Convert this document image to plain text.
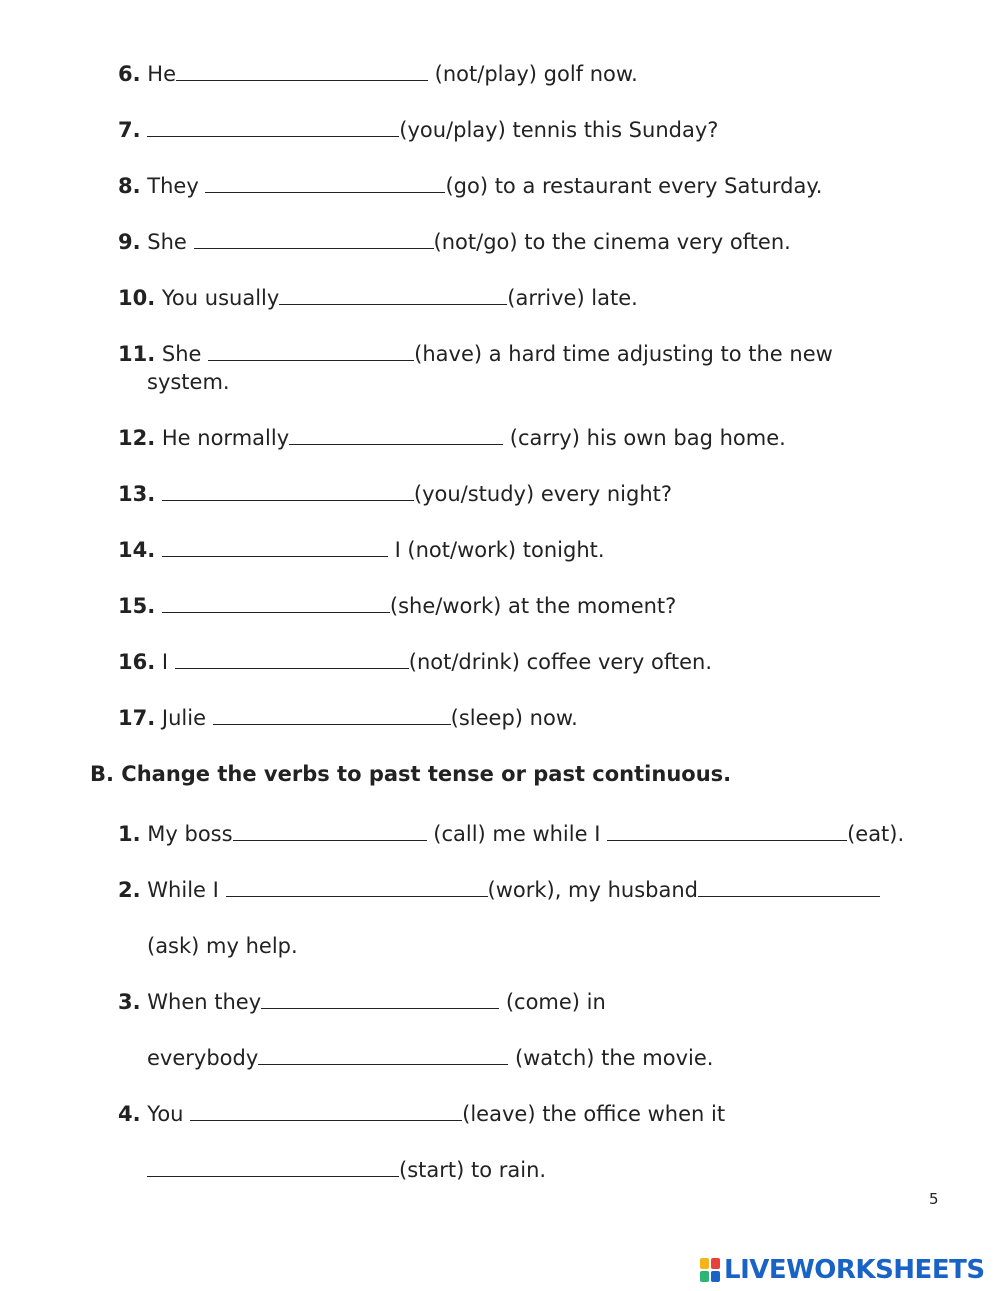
6. He	(not/play) golf now.
7.	(you/play) tennis this Sunday?
8. They	(go) to a restaurant every Saturday.
9. She	(not/go) to the cinema very often.
10. You usually	(arrive) late.
11. She	(have) a hard time adjusting to the new
system.
12. He normally	(carry) his own bag home.
13.	(you/study) every night?
14.	I (not/work) tonight.
15.	(she/work) at the moment?
16. I	(not/drink) coffee very often.
17. Julie	(sleep) now.
B. Change the verbs to past tense or past continuous.
1. My boss	(call) me while I	(eat).
2. While I	(work), my husband
(ask) my help.
3. When they	(come) in
everybody	(watch) the movie.
4. You	(leave) the office when it
(start) to rain.
5
LIVEWORKSHEETS
